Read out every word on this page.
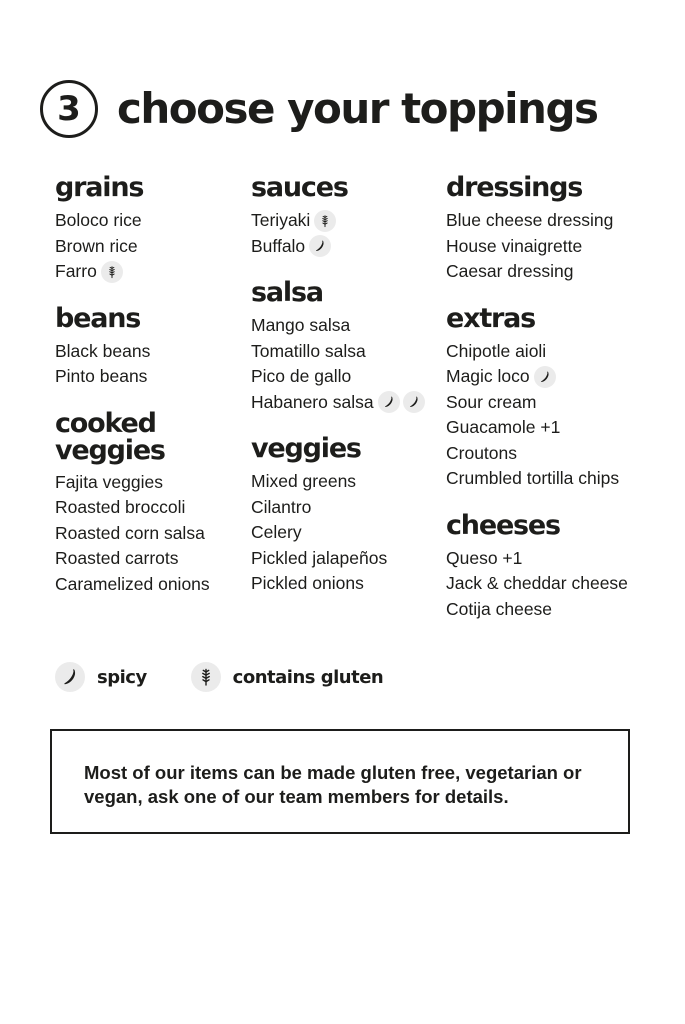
3 choose your toppings
grains
Boloco rice
Brown rice
Farro
beans
Black beans
Pinto beans
cooked veggies
Fajita veggies
Roasted broccoli
Roasted corn salsa
Roasted carrots
Caramelized onions
sauces
Teriyaki
Buffalo
salsa
Mango salsa
Tomatillo salsa
Pico de gallo
Habanero salsa
veggies
Mixed greens
Cilantro
Celery
Pickled jalapeños
Pickled onions
dressings
Blue cheese dressing
House vinaigrette
Caesar dressing
extras
Chipotle aioli
Magic loco
Sour cream
Guacamole +1
Croutons
Crumbled tortilla chips
cheeses
Queso +1
Jack & cheddar cheese
Cotija cheese
spicy	contains gluten

Most of our items can be made gluten free, vegetarian or vegan, ask one of our team members for details.
